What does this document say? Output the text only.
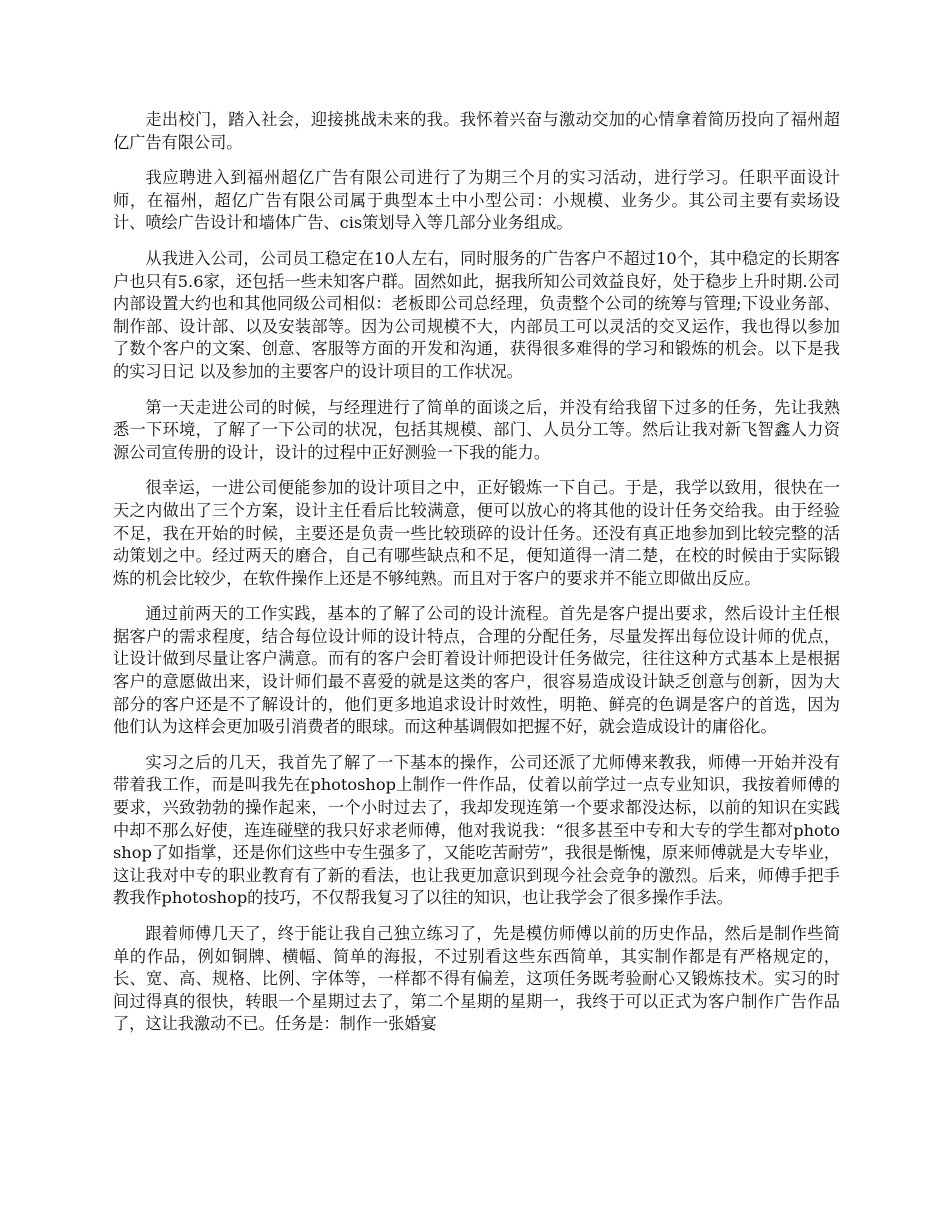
走出校门，踏入社会，迎接挑战未来的我。我怀着兴奋与激动交加的心情拿着简历投向了福州超亿广告有限公司。

我应聘进入到福州超亿广告有限公司进行了为期三个月的实习活动，进行学习。任职平面设计师，在福州，超亿广告有限公司属于典型本土中小型公司：小规模、业务少。其公司主要有卖场设计、喷绘广告设计和墙体广告、cis策划导入等几部分业务组成。

从我进入公司，公司员工稳定在10人左右，同时服务的广告客户不超过10个，其中稳定的长期客户也只有5.6家，还包括一些未知客户群。固然如此，据我所知公司效益良好，处于稳步上升时期.公司内部设置大约也和其他同级公司相似：老板即公司总经理，负责整个公司的统筹与管理;下设业务部、制作部、设计部、以及安装部等。因为公司规模不大，内部员工可以灵活的交叉运作，我也得以参加了数个客户的文案、创意、客服等方面的开发和沟通，获得很多难得的学习和锻炼的机会。以下是我的实习日记 以及参加的主要客户的设计项目的工作状况。

第一天走进公司的时候，与经理进行了简单的面谈之后，并没有给我留下过多的任务，先让我熟悉一下环境，了解了一下公司的状况，包括其规模、部门、人员分工等。然后让我对新飞智鑫人力资源公司宣传册的设计，设计的过程中正好测验一下我的能力。

很幸运，一进公司便能参加的设计项目之中，正好锻炼一下自己。于是，我学以致用，很快在一天之内做出了三个方案，设计主任看后比较满意，便可以放心的将其他的设计任务交给我。由于经验不足，我在开始的时候，主要还是负责一些比较琐碎的设计任务。还没有真正地参加到比较完整的活动策划之中。经过两天的磨合，自己有哪些缺点和不足，便知道得一清二楚，在校的时候由于实际锻炼的机会比较少，在软件操作上还是不够纯熟。而且对于客户的要求并不能立即做出反应。

通过前两天的工作实践，基本的了解了公司的设计流程。首先是客户提出要求，然后设计主任根据客户的需求程度，结合每位设计师的设计特点，合理的分配任务，尽量发挥出每位设计师的优点，让设计做到尽量让客户满意。而有的客户会盯着设计师把设计任务做完，往往这种方式基本上是根据客户的意愿做出来，设计师们最不喜爱的就是这类的客户，很容易造成设计缺乏创意与创新，因为大部分的客户还是不了解设计的，他们更多地追求设计时效性，明艳、鲜亮的色调是客户的首选，因为他们认为这样会更加吸引消费者的眼球。而这种基调假如把握不好，就会造成设计的庸俗化。

实习之后的几天，我首先了解了一下基本的操作，公司还派了尤师傅来教我，师傅一开始并没有带着我工作，而是叫我先在photoshop上制作一件作品，仗着以前学过一点专业知识，我按着师傅的要求，兴致勃勃的操作起来，一个小时过去了，我却发现连第一个要求都没达标，以前的知识在实践中却不那么好使，连连碰壁的我只好求老师傅，他对我说我：“很多甚至中专和大专的学生都对photoshop了如指掌，还是你们这些中专生强多了，又能吃苦耐劳”，我很是惭愧，原来师傅就是大专毕业，这让我对中专的职业教育有了新的看法，也让我更加意识到现今社会竞争的激烈。后来，师傅手把手教我作photoshop的技巧，不仅帮我复习了以往的知识，也让我学会了很多操作手法。

跟着师傅几天了，终于能让我自己独立练习了，先是模仿师傅以前的历史作品，然后是制作些简单的作品，例如铜牌、横幅、简单的海报，不过别看这些东西简单，其实制作都是有严格规定的，长、宽、高、规格、比例、字体等，一样都不得有偏差，这项任务既考验耐心又锻炼技术。实习的时间过得真的很快，转眼一个星期过去了，第二个星期的星期一，我终于可以正式为客户制作广告作品了，这让我激动不已。任务是：制作一张婚宴
